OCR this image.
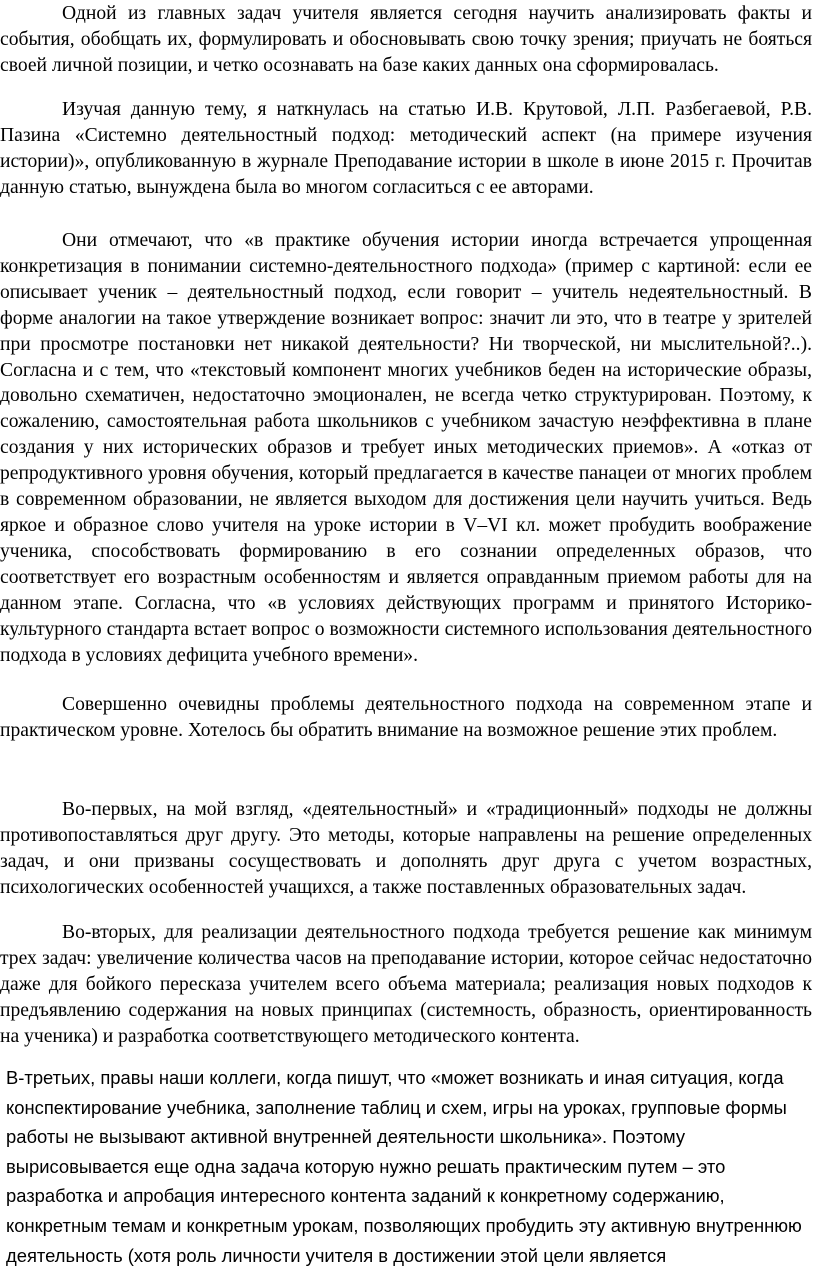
Одной из главных задач учителя является сегодня научить анализировать факты и события, обобщать их, формулировать и обосновывать свою точку зрения; приучать не бояться своей личной позиции, и четко осознавать на базе каких данных она сформировалась.

Изучая данную тему, я наткнулась на статью И.В. Крутовой, Л.П. Разбегаевой, Р.В. Пазина «Системно деятельностный подход: методический аспект (на примере изучения истории)», опубликованную в журнале Преподавание истории в школе в июне 2015 г. Прочитав данную статью, вынуждена была во многом согласиться с ее авторами.

Они отмечают, что «в практике обучения истории иногда встречается упрощенная конкретизация в понимании системно-деятельностного подхода» (пример с картиной: если ее описывает ученик – деятельностный подход, если говорит – учитель недеятельностный. В форме аналогии на такое утверждение возникает вопрос: значит ли это, что в театре у зрителей при просмотре постановки нет никакой деятельности? Ни творческой, ни мыслительной?..). Согласна и с тем, что «текстовый компонент многих учебников беден на исторические образы, довольно схематичен, недостаточно эмоционален, не всегда четко структурирован. Поэтому, к сожалению, самостоятельная работа школьников с учебником зачастую неэффективна в плане создания у них исторических образов и требует иных методических приемов». А «отказ от репродуктивного уровня обучения, который предлагается в качестве панацеи от многих проблем в современном образовании, не является выходом для достижения цели научить учиться. Ведь яркое и образное слово учителя на уроке истории в V–VI кл. может пробудить воображение ученика, способствовать формированию в его сознании определенных образов, что соответствует его возрастным особенностям и является оправданным приемом работы для на данном этапе. Согласна, что «в условиях действующих программ и принятого Историко-культурного стандарта встает вопрос о возможности системного использования деятельностного подхода в условиях дефицита учебного времени».

Совершенно очевидны проблемы деятельностного подхода на современном этапе и практическом уровне. Хотелось бы обратить внимание на возможное решение этих проблем.

Во-первых, на мой взгляд, «деятельностный» и «традиционный» подходы не должны противопоставляться друг другу. Это методы, которые направлены на решение определенных задач, и они призваны сосуществовать и дополнять друг друга с учетом возрастных, психологических особенностей учащихся, а также поставленных образовательных задач.

Во-вторых, для реализации деятельностного подхода требуется решение как минимум трех задач: увеличение количества часов на преподавание истории, которое сейчас недостаточно даже для бойкого пересказа учителем всего объема материала; реализация новых подходов к предъявлению содержания на новых принципах (системность, образность, ориентированность на ученика) и разработка соответствующего методического контента.

В-третьих, правы наши коллеги, когда пишут, что «может возникать и иная ситуация, когда конспектирование учебника, заполнение таблиц и схем, игры на уроках, групповые формы работы не вызывают активной внутренней деятельности школьника». Поэтому вырисовывается еще одна задача которую нужно решать практическим путем – это разработка и апробация интересного контента заданий к конкретному содержанию, конкретным темам и конкретным урокам, позволяющих пробудить эту активную внутреннюю деятельность (хотя роль личности учителя в достижении этой цели является
